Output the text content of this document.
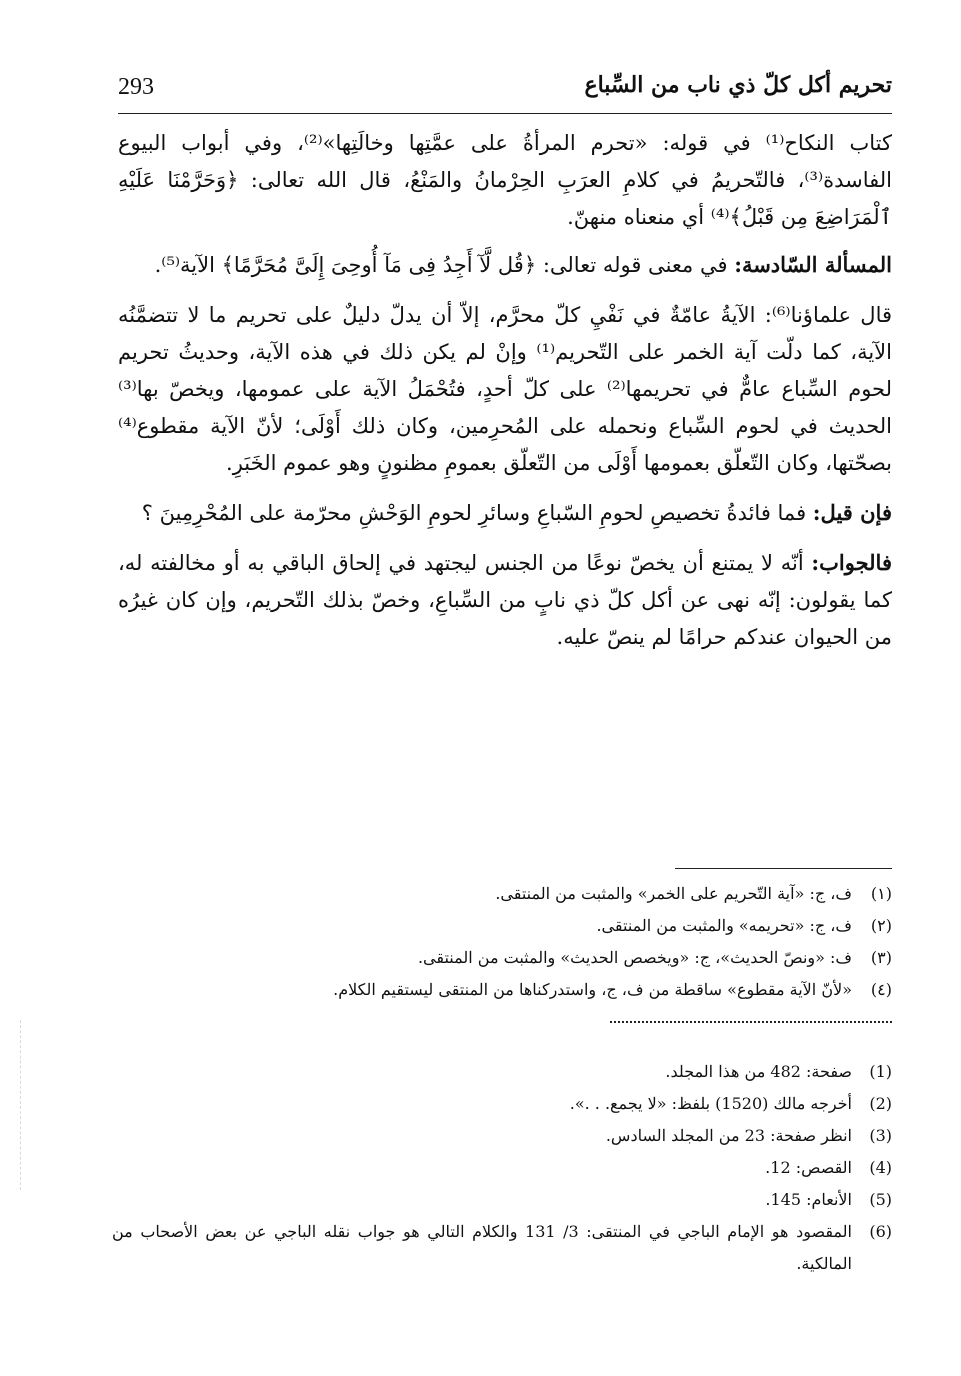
293	تحريم أكل كلّ ذي ناب من السِّباع

كتاب النكاح⁽¹⁾ في قوله: «تحرم المرأةُ على عمَّتِها وخالَتِها»⁽²⁾، وفي أبواب البيوع الفاسدة⁽³⁾، فالتّحريمُ في كلامِ العرَبِ الحِرْمانُ والمَنْعُ، قال الله تعالى: ﴿وَحَرَّمْنَا عَلَيْهِ ٱلْمَرَاضِعَ مِن قَبْلُ﴾⁽⁴⁾ أي منعناه منهنّ.

المسألة السّادسة: في معنى قوله تعالى: ﴿قُل لَّآ أَجِدُ فِى مَآ أُوحِىَ إِلَىَّ مُحَرَّمًا﴾ الآية⁽⁵⁾.

قال علماؤنا⁽⁶⁾: الآيةُ عامّةٌ في نَفْيِ كلّ محرَّم، إلاّ أن يدلّ دليلٌ على تحريم ما لا تتضمَّنُه الآية، كما دلّت آية الخمر على التّحريم⁽¹⁾ وإنْ لم يكن ذلك في هذه الآية، وحديثُ تحريم لحوم السِّباع عامٌّ في تحريمها⁽²⁾ على كلّ أحدٍ، فتُحْمَلُ الآية على عمومها، ويخصّ بها⁽³⁾ الحديث في لحوم السِّباع ونحمله على المُحرِمين، وكان ذلك أَوْلَى؛ لأنّ الآية مقطوع⁽⁴⁾ بصحّتها، وكان التّعلّق بعمومها أَوْلَى من التّعلّق بعمومِ مظنونٍ وهو عموم الخَبَرِ.

فإن قيل: فما فائدةُ تخصيصِ لحومِ السّباعِ وسائرِ لحومِ الوَحْشِ محرّمة على المُحْرِمِينَ ؟

فالجواب: أنّه لا يمتنع أن يخصّ نوعًا من الجنس ليجتهد في إلحاق الباقي به أو مخالفته له، كما يقولون: إنّه نهى عن أكل كلّ ذي نابٍ من السِّباعِ، وخصّ بذلك التّحريم، وإن كان غيرُه من الحيوان عندكم حرامًا لم ينصّ عليه.

(١)
ف، ج: «آية التّحريم على الخمر» والمثبت من المنتقى.
(٢)
ف، ج: «تحريمه» والمثبت من المنتقى.
(٣)
ف: «ونصّ الحديث»، ج: «ويخصص الحديث» والمثبت من المنتقى.
(٤)
«لأنّ الآية مقطوع» ساقطة من ف، ج، واستدركناها من المنتقى ليستقيم الكلام.
(1)
صفحة: 482 من هذا المجلد.
(2)
أخرجه مالك (1520) بلفظ: «لا يجمع. . .».
(3)
انظر صفحة: 23 من المجلد السادس.
(4)
القصص: 12.
(5)
الأنعام: 145.
(6)
المقصود هو الإمام الباجي في المنتقى: 3/ 131 والكلام التالي هو جواب نقله الباجي عن بعض الأصحاب من المالكية.
